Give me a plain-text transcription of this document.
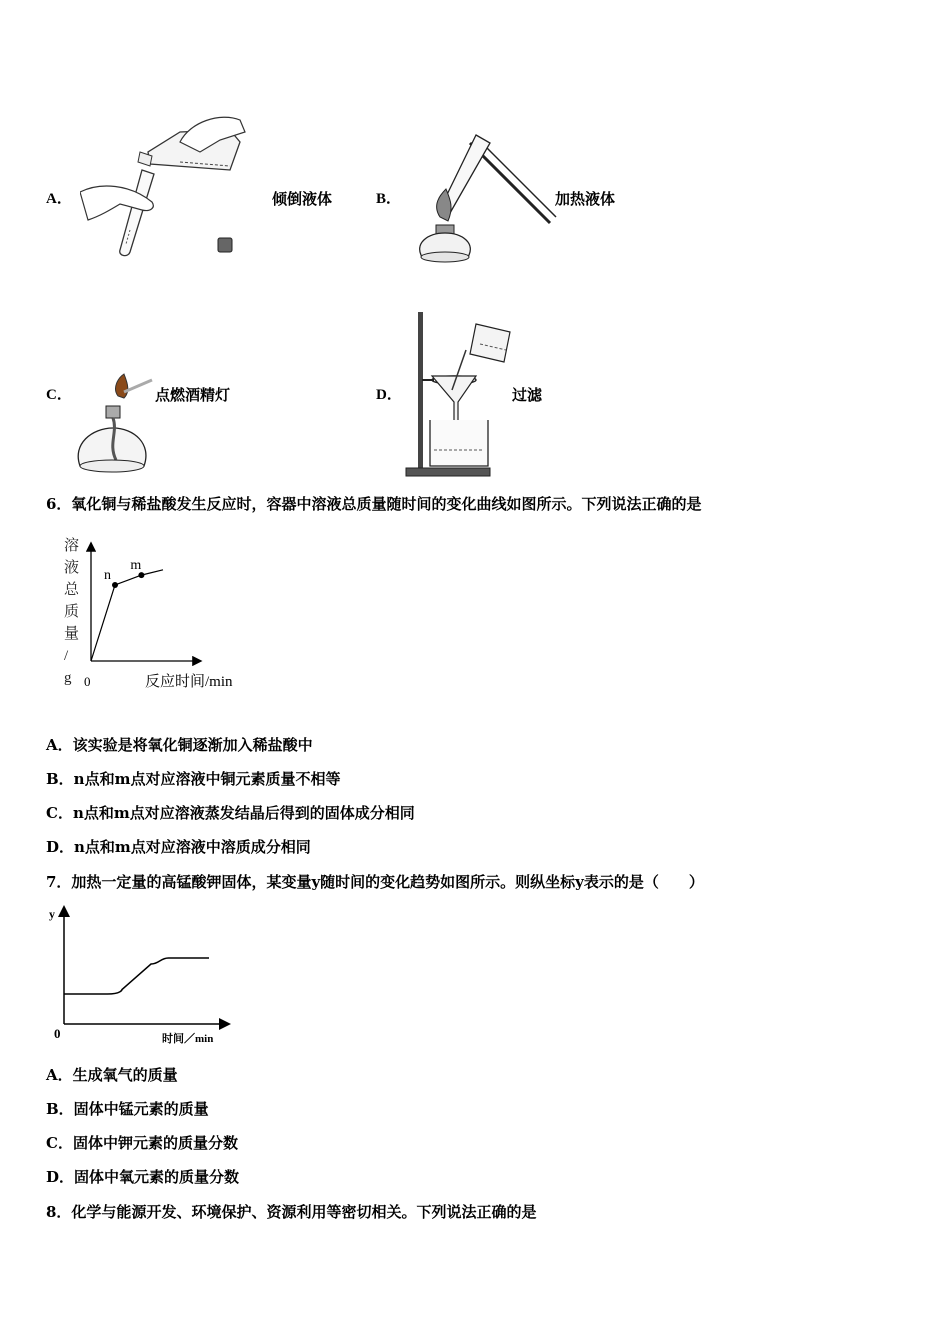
A．	倾倒液体	B．	加热液体
C．	点燃酒精灯	D．	过滤
6．氧化铜与稀盐酸发生反应时，容器中溶液总质量随时间的变化曲线如图所示。下列说法正确的是
溶液总质量/ g 0	反应时间/min
n
m
A．该实验是将氧化铜逐渐加入稀盐酸中
B．n点和m点对应溶液中铜元素质量不相等
C．n点和m点对应溶液蒸发结晶后得到的固体成分相同
D．n点和m点对应溶液中溶质成分相同
7．加热一定量的高锰酸钾固体，某变量y随时间的变化趋势如图所示。则纵坐标y表示的是（　　）
y
0	时间／min
A．生成氧气的质量
B．固体中锰元素的质量
C．固体中钾元素的质量分数
D．固体中氧元素的质量分数
8．化学与能源开发、环境保护、资源利用等密切相关。下列说法正确的是
